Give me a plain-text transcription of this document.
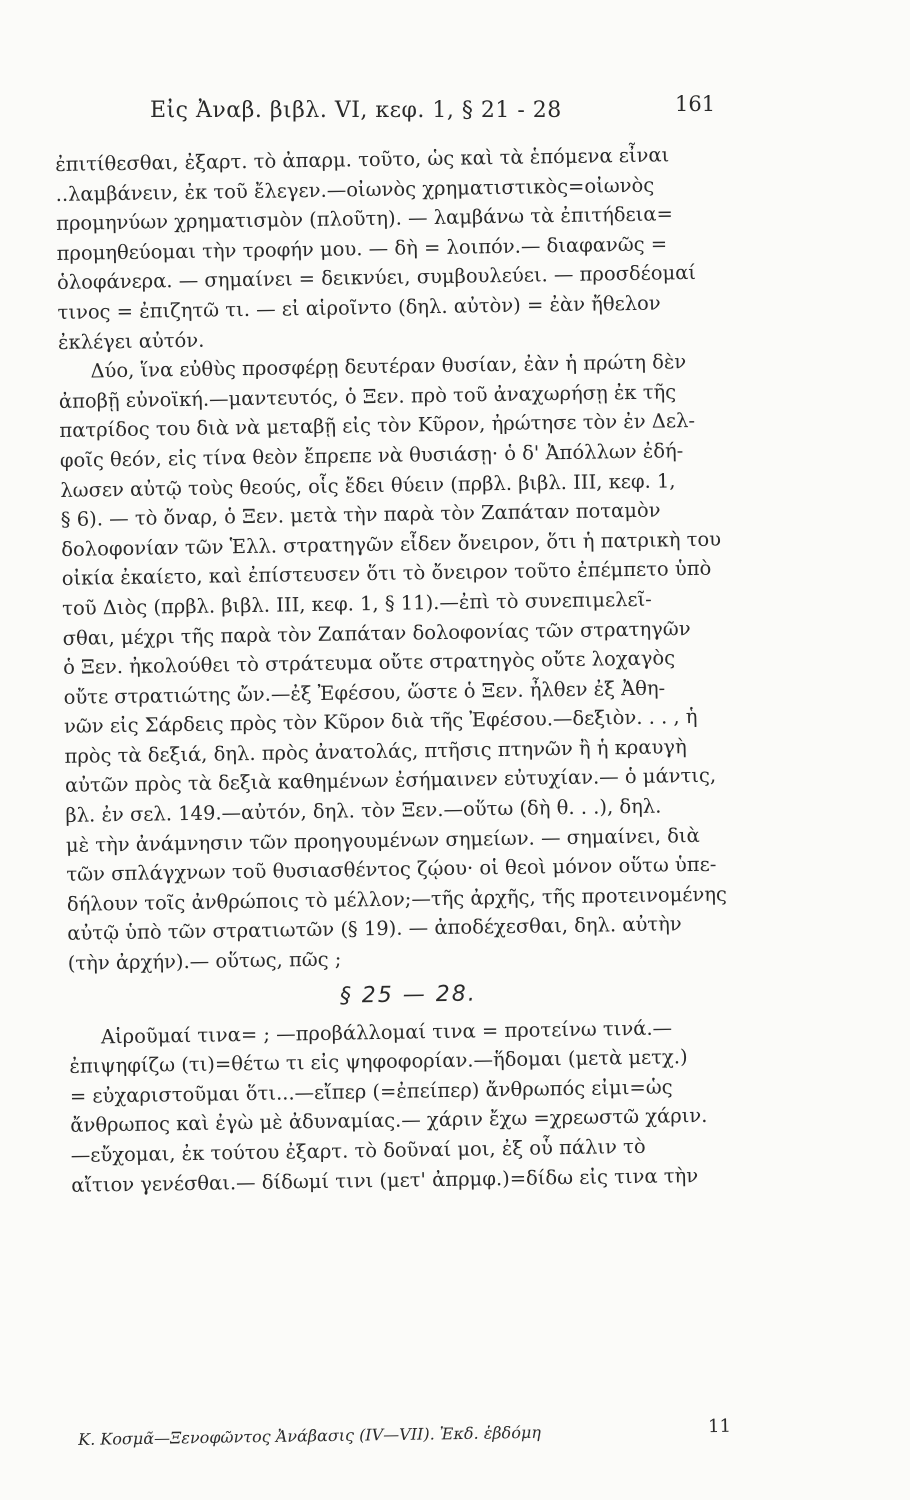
Εἰς Ἀναβ. βιβλ. VI, κεφ. 1, § 21 - 28	161
ἐπιτίθεσθαι, ἐξαρτ. τὸ ἀπαρμ. τοῦτο, ὡς καὶ τὰ ἑπόμενα εἶναι
..λαμβάνειν, ἐκ τοῦ ἔλεγεν.—οἰωνὸς χρηματιστικὸς=οἰωνὸς
προμηνύων χρηματισμὸν (πλοῦτη). — λαμβάνω τὰ ἐπιτήδεια=
προμηθεύομαι τὴν τροφήν μου. — δὴ = λοιπόν.— διαφανῶς =
ὁλοφάνερα. — σημαίνει = δεικνύει, συμβουλεύει. — προσδέομαί
τινος = ἐπιζητῶ τι. — εἰ αἱροῖντο (δηλ. αὐτὸν) = ἐὰν ἤθελον
ἐκλέγει αὐτόν.
Δύο, ἵνα εὐθὺς προσφέρῃ δευτέραν θυσίαν, ἐὰν ἡ πρώτη δὲν
ἀποβῇ εὐνοϊκή.—μαντευτός, ὁ Ξεν. πρὸ τοῦ ἀναχωρήσῃ ἐκ τῆς
πατρίδος του διὰ νὰ μεταβῇ εἰς τὸν Κῦρον, ἠρώτησε τὸν ἐν Δελ-
φοῖς θεόν, εἰς τίνα θεὸν ἔπρεπε νὰ θυσιάσῃ· ὁ δ' Ἀπόλλων ἐδή-
λωσεν αὐτῷ τοὺς θεούς, οἷς ἔδει θύειν (πρβλ. βιβλ. III, κεφ. 1,
§ 6). — τὸ ὄναρ, ὁ Ξεν. μετὰ τὴν παρὰ τὸν Ζαπάταν ποταμὸν
δολοφονίαν τῶν Ἑλλ. στρατηγῶν εἶδεν ὄνειρον, ὅτι ἡ πατρικὴ του
οἰκία ἐκαίετο, καὶ ἐπίστευσεν ὅτι τὸ ὄνειρον τοῦτο ἐπέμπετο ὑπὸ
τοῦ Διὸς (πρβλ. βιβλ. III, κεφ. 1, § 11).—ἐπὶ τὸ συνεπιμελεῖ-
σθαι, μέχρι τῆς παρὰ τὸν Ζαπάταν δολοφονίας τῶν στρατηγῶν
ὁ Ξεν. ἠκολούθει τὸ στράτευμα οὔτε στρατηγὸς οὔτε λοχαγὸς
οὔτε στρατιώτης ὤν.—ἐξ Ἐφέσου, ὥστε ὁ Ξεν. ἦλθεν ἐξ Ἀθη-
νῶν εἰς Σάρδεις πρὸς τὸν Κῦρον διὰ τῆς Ἐφέσου.—δεξιὸν. . . , ἡ
πρὸς τὰ δεξιά, δηλ. πρὸς ἀνατολάς, πτῆσις πτηνῶν ἢ ἡ κραυγὴ
αὐτῶν πρὸς τὰ δεξιὰ καθημένων ἐσήμαινεν εὐτυχίαν.— ὁ μάντις,
βλ. ἐν σελ. 149.—αὐτόν, δηλ. τὸν Ξεν.—οὕτω (δὴ θ. . .), δηλ.
μὲ τὴν ἀνάμνησιν τῶν προηγουμένων σημείων. — σημαίνει, διὰ
τῶν σπλάγχνων τοῦ θυσιασθέντος ζῴου· οἱ θεοὶ μόνον οὕτω ὑπε-
δήλουν τοῖς ἀνθρώποις τὸ μέλλον;—τῆς ἀρχῆς, τῆς προτεινομένης
αὐτῷ ὑπὸ τῶν στρατιωτῶν (§ 19). — ἀποδέχεσθαι, δηλ. αὐτὴν
(τὴν ἀρχήν).— οὕτως, πῶς ;
§ 25 — 28.
Αἱροῦμαί τινα= ; —προβάλλομαί τινα = προτείνω τινά.—
ἐπιψηφίζω (τι)=θέτω τι εἰς ψηφοφορίαν.—ἥδομαι (μετὰ μετχ.)
= εὐχαριστοῦμαι ὅτι...—εἴπερ (=ἐπείπερ) ἄνθρωπός εἰμι=ὡς
ἄνθρωπος καὶ ἐγὼ μὲ ἀδυναμίας.— χάριν ἔχω =χρεωστῶ χάριν.
—εὔχομαι, ἐκ τούτου ἐξαρτ. τὸ δοῦναί μοι, ἐξ οὗ πάλιν τὸ
αἴτιον γενέσθαι.— δίδωμί τινι (μετ' ἀπρμφ.)=δίδω εἰς τινα τὴν
Κ. Κοσμᾶ—Ξενοφῶντος Ἀνάβασις (IV—VII). Ἐκδ. ἑβδόμη	11
